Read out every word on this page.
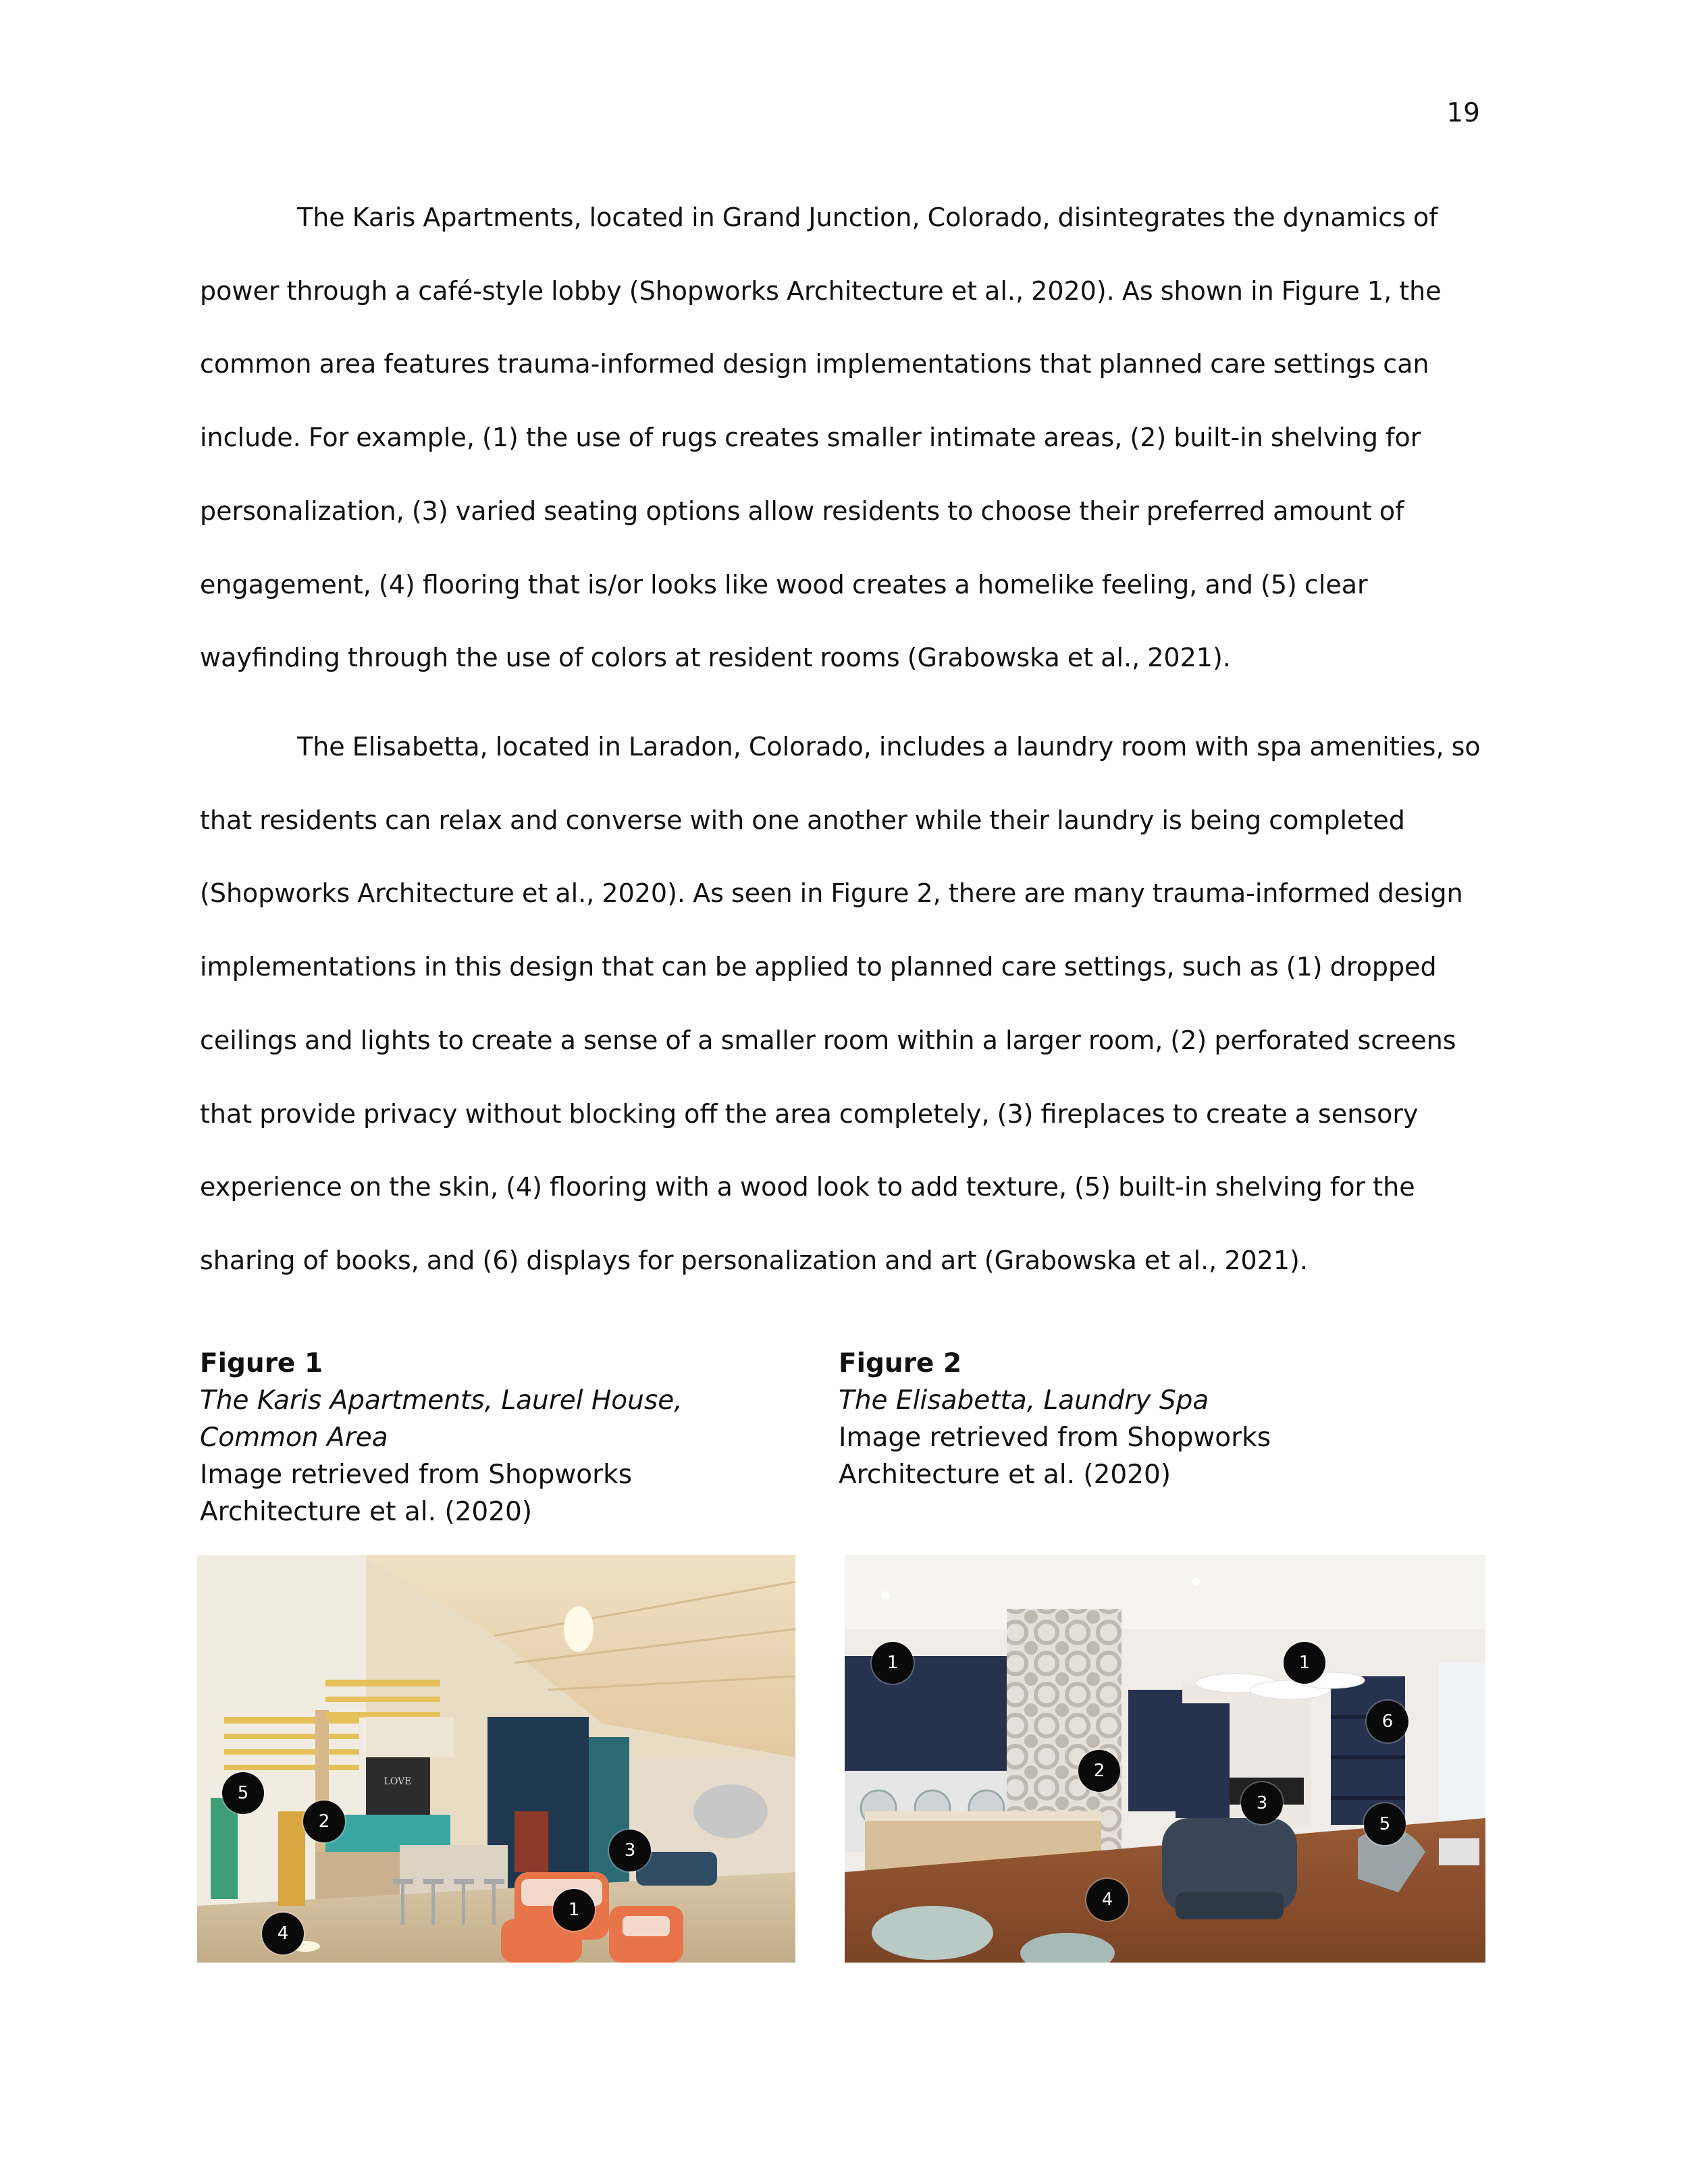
19

The Karis Apartments, located in Grand Junction, Colorado, disintegrates the dynamics of power through a café-style lobby (Shopworks Architecture et al., 2020). As shown in Figure 1, the common area features trauma-informed design implementations that planned care settings can include. For example, (1) the use of rugs creates smaller intimate areas, (2) built-in shelving for personalization, (3) varied seating options allow residents to choose their preferred amount of engagement, (4) flooring that is/or looks like wood creates a homelike feeling, and (5) clear wayfinding through the use of colors at resident rooms (Grabowska et al., 2021).

The Elisabetta, located in Laradon, Colorado, includes a laundry room with spa amenities, so that residents can relax and converse with one another while their laundry is being completed (Shopworks Architecture et al., 2020). As seen in Figure 2, there are many trauma-informed design implementations in this design that can be applied to planned care settings, such as (1) dropped ceilings and lights to create a sense of a smaller room within a larger room, (2) perforated screens that provide privacy without blocking off the area completely, (3) fireplaces to create a sensory experience on the skin, (4) flooring with a wood look to add texture, (5) built-in shelving for the sharing of books, and (6) displays for personalization and art (Grabowska et al., 2021).

Figure 1
The Karis Apartments, Laurel House, Common Area
Image retrieved from Shopworks Architecture et al. (2020)
Figure 2
The Elisabetta, Laundry Spa
Image retrieved from Shopworks Architecture et al. (2020)
LOVE
5
2
3
1
4
1	1
6
2
3
5
4
